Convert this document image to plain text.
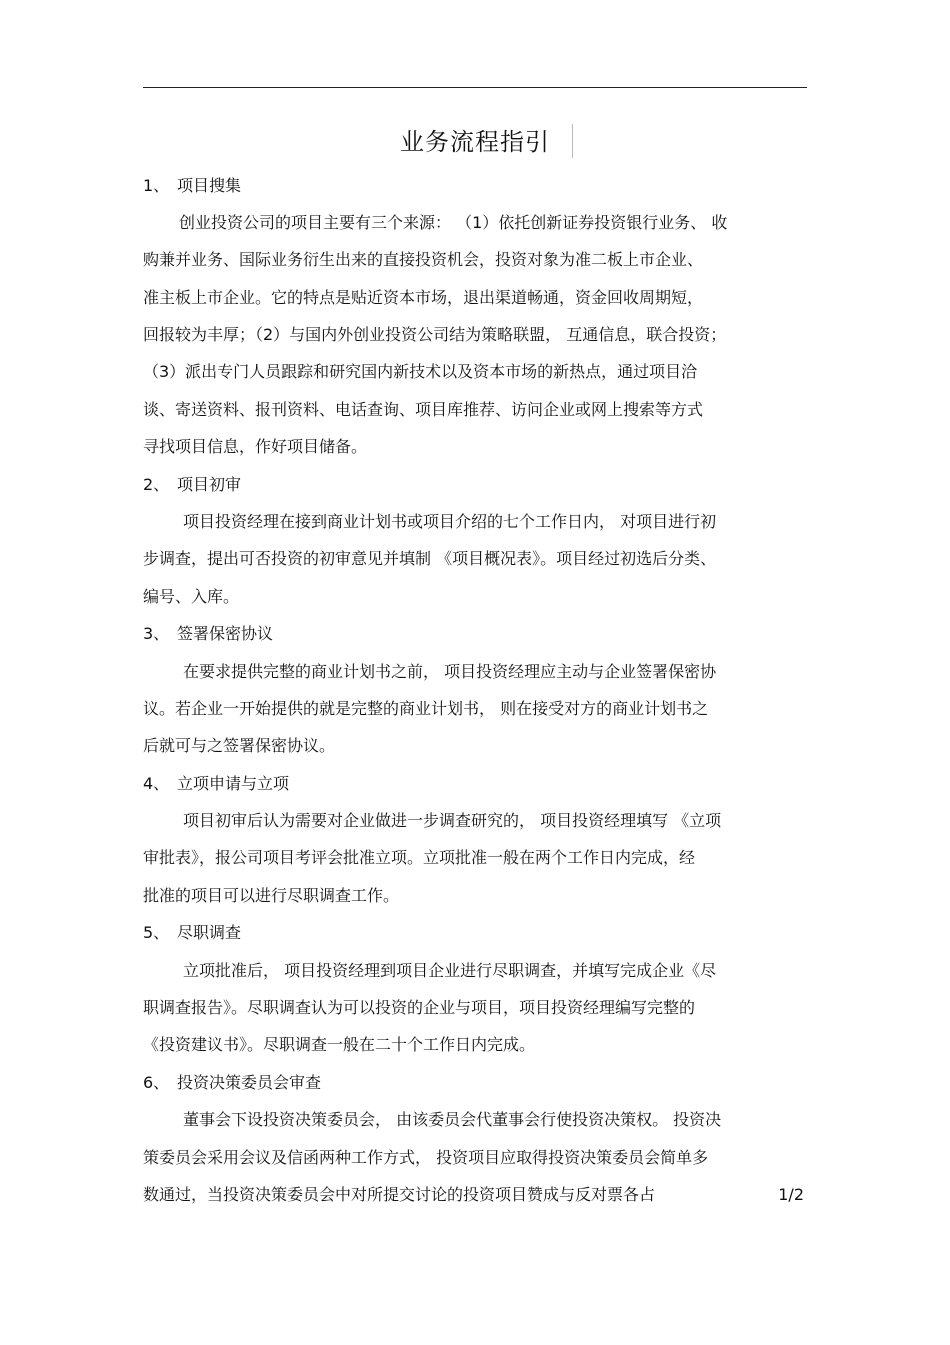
业务流程指引
1、 项目搜集
创业投资公司的项目主要有三个来源： （1）依托创新证券投资银行业务、 收
购兼并业务、国际业务衍生出来的直接投资机会，投资对象为准二板上市企业、
准主板上市企业。它的特点是贴近资本市场，退出渠道畅通，资金回收周期短，
回报较为丰厚；（2）与国内外创业投资公司结为策略联盟， 互通信息，联合投资；
（3）派出专门人员跟踪和研究国内新技术以及资本市场的新热点，通过项目洽
谈、寄送资料、报刊资料、电话查询、项目库推荐、访问企业或网上搜索等方式
寻找项目信息，作好项目储备。
2、 项目初审
项目投资经理在接到商业计划书或项目介绍的七个工作日内， 对项目进行初
步调查，提出可否投资的初审意见并填制 《项目概况表》。项目经过初选后分类、
编号、入库。
3、 签署保密协议
在要求提供完整的商业计划书之前， 项目投资经理应主动与企业签署保密协
议。若企业一开始提供的就是完整的商业计划书， 则在接受对方的商业计划书之
后就可与之签署保密协议。
4、 立项申请与立项
项目初审后认为需要对企业做进一步调查研究的， 项目投资经理填写 《立项
审批表》，报公司项目考评会批准立项。立项批准一般在两个工作日内完成，经
批准的项目可以进行尽职调查工作。
5、 尽职调查
立项批准后， 项目投资经理到项目企业进行尽职调查，并填写完成企业《尽
职调查报告》。尽职调查认为可以投资的企业与项目，项目投资经理编写完整的
《投资建议书》。尽职调查一般在二十个工作日内完成。
6、 投资决策委员会审查
董事会下设投资决策委员会， 由该委员会代董事会行使投资决策权。 投资决
策委员会采用会议及信函两种工作方式， 投资项目应取得投资决策委员会简单多
数通过，当投资决策委员会中对所提交讨论的投资项目赞成与反对票各占	1/2
